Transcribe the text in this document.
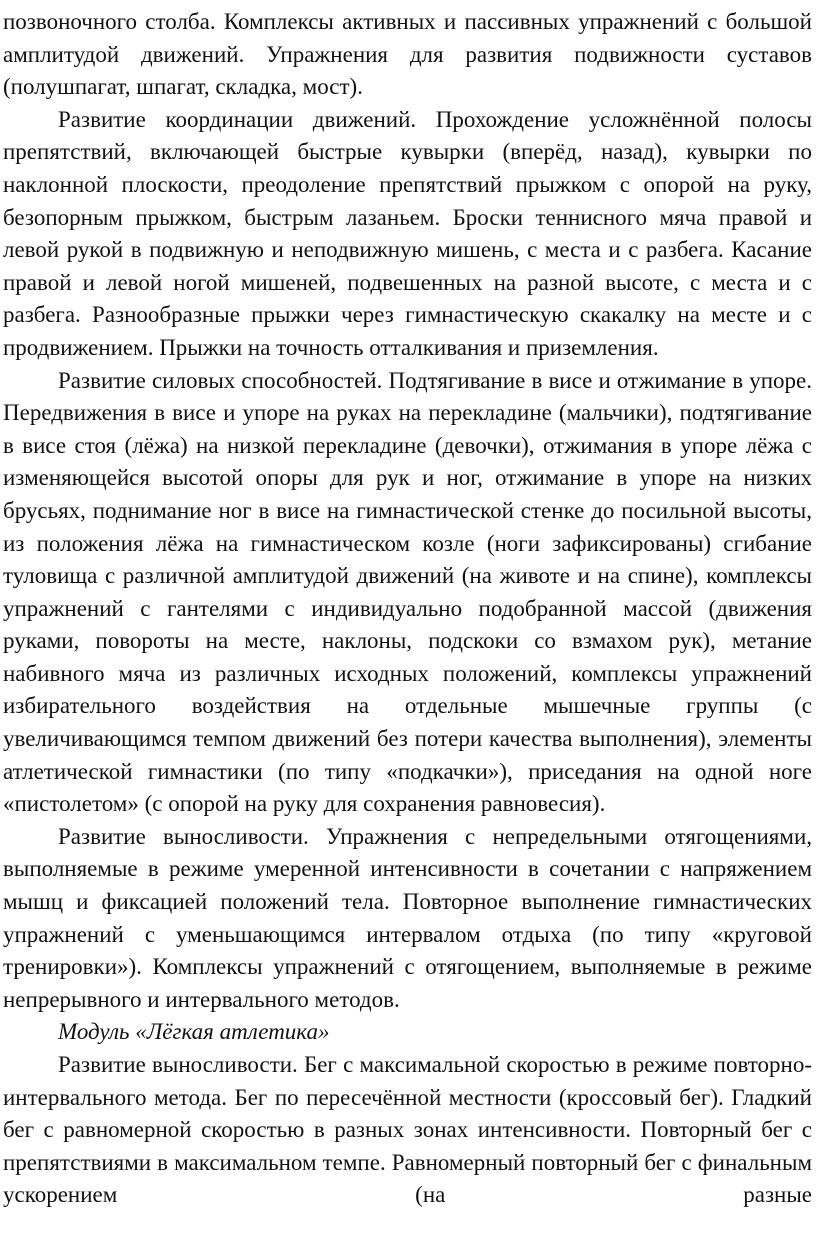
позвоночного столба. Комплексы активных и пассивных упражнений с большой амплитудой движений. Упражнения для развития подвижности суставов (полушпагат, шпагат, складка, мост).

Развитие координации движений. Прохождение усложнённой полосы препятствий, включающей быстрые кувырки (вперёд, назад), кувырки по наклонной плоскости, преодоление препятствий прыжком с опорой на руку, безопорным прыжком, быстрым лазаньем. Броски теннисного мяча правой и левой рукой в подвижную и неподвижную мишень, с места и с разбега. Касание правой и левой ногой мишеней, подвешенных на разной высоте, с места и с разбега. Разнообразные прыжки через гимнастическую скакалку на месте и с продвижением. Прыжки на точность отталкивания и приземления.

Развитие силовых способностей. Подтягивание в висе и отжимание в упоре. Передвижения в висе и упоре на руках на перекладине (мальчики), подтягивание в висе стоя (лёжа) на низкой перекладине (девочки), отжимания в упоре лёжа с изменяющейся высотой опоры для рук и ног, отжимание в упоре на низких брусьях, поднимание ног в висе на гимнастической стенке до посильной высоты, из положения лёжа на гимнастическом козле (ноги зафиксированы) сгибание туловища с различной амплитудой движений (на животе и на спине), комплексы упражнений с гантелями с индивидуально подобранной массой (движения руками, повороты на месте, наклоны, подскоки со взмахом рук), метание набивного мяча из различных исходных положений, комплексы упражнений избирательного воздействия на отдельные мышечные группы (с увеличивающимся темпом движений без потери качества выполнения), элементы атлетической гимнастики (по типу «подкачки»), приседания на одной ноге «пистолетом» (с опорой на руку для сохранения равновесия).

Развитие выносливости. Упражнения с непредельными отягощениями, выполняемые в режиме умеренной интенсивности в сочетании с напряжением мышц и фиксацией положений тела. Повторное выполнение гимнастических упражнений с уменьшающимся интервалом отдыха (по типу «круговой тренировки»). Комплексы упражнений с отягощением, выполняемые в режиме непрерывного и интервального методов.

Модуль «Лёгкая атлетика»

Развитие выносливости. Бег с максимальной скоростью в режиме повторно-интервального метода. Бег по пересечённой местности (кроссовый бег). Гладкий бег с равномерной скоростью в разных зонах интенсивности. Повторный бег с препятствиями в максимальном темпе. Равномерный повторный бег с финальным ускорением (на разные
